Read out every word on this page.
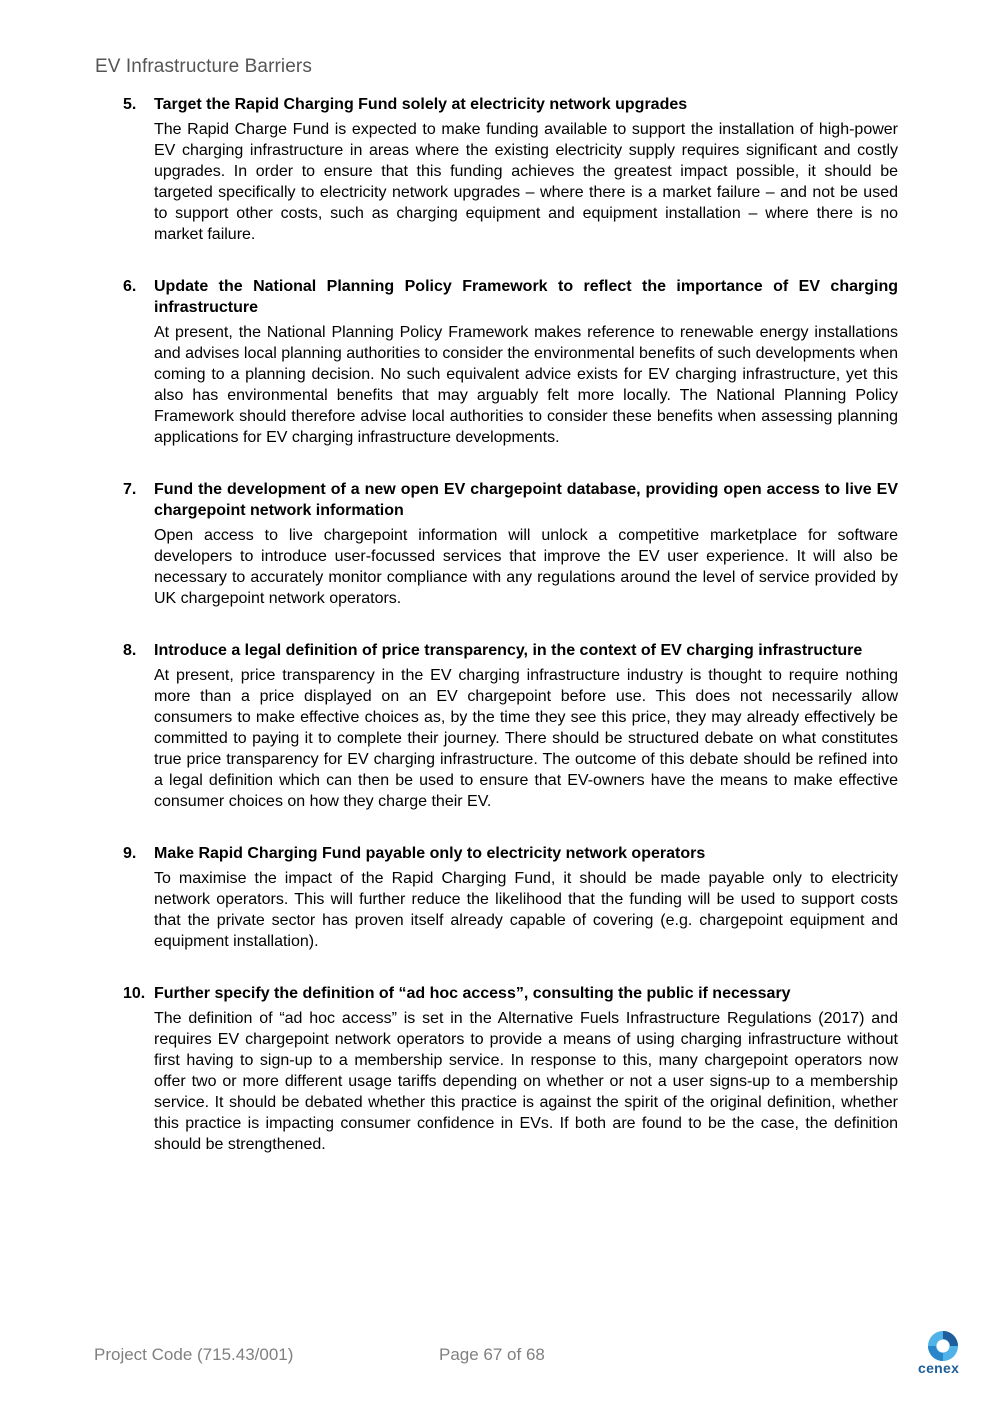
EV Infrastructure Barriers
5. Target the Rapid Charging Fund solely at electricity network upgrades
The Rapid Charge Fund is expected to make funding available to support the installation of high-power EV charging infrastructure in areas where the existing electricity supply requires significant and costly upgrades. In order to ensure that this funding achieves the greatest impact possible, it should be targeted specifically to electricity network upgrades – where there is a market failure – and not be used to support other costs, such as charging equipment and equipment installation – where there is no market failure.
6. Update the National Planning Policy Framework to reflect the importance of EV charging infrastructure
At present, the National Planning Policy Framework makes reference to renewable energy installations and advises local planning authorities to consider the environmental benefits of such developments when coming to a planning decision. No such equivalent advice exists for EV charging infrastructure, yet this also has environmental benefits that may arguably felt more locally. The National Planning Policy Framework should therefore advise local authorities to consider these benefits when assessing planning applications for EV charging infrastructure developments.
7. Fund the development of a new open EV chargepoint database, providing open access to live EV chargepoint network information
Open access to live chargepoint information will unlock a competitive marketplace for software developers to introduce user-focussed services that improve the EV user experience. It will also be necessary to accurately monitor compliance with any regulations around the level of service provided by UK chargepoint network operators.
8. Introduce a legal definition of price transparency, in the context of EV charging infrastructure
At present, price transparency in the EV charging infrastructure industry is thought to require nothing more than a price displayed on an EV chargepoint before use. This does not necessarily allow consumers to make effective choices as, by the time they see this price, they may already effectively be committed to paying it to complete their journey. There should be structured debate on what constitutes true price transparency for EV charging infrastructure. The outcome of this debate should be refined into a legal definition which can then be used to ensure that EV-owners have the means to make effective consumer choices on how they charge their EV.
9. Make Rapid Charging Fund payable only to electricity network operators
To maximise the impact of the Rapid Charging Fund, it should be made payable only to electricity network operators. This will further reduce the likelihood that the funding will be used to support costs that the private sector has proven itself already capable of covering (e.g. chargepoint equipment and equipment installation).
10. Further specify the definition of “ad hoc access”, consulting the public if necessary
The definition of “ad hoc access” is set in the Alternative Fuels Infrastructure Regulations (2017) and requires EV chargepoint network operators to provide a means of using charging infrastructure without first having to sign-up to a membership service. In response to this, many chargepoint operators now offer two or more different usage tariffs depending on whether or not a user signs-up to a membership service. It should be debated whether this practice is against the spirit of the original definition, whether this practice is impacting consumer confidence in EVs. If both are found to be the case, the definition should be strengthened.
Project Code (715.43/001)	Page 67 of 68
cenex
